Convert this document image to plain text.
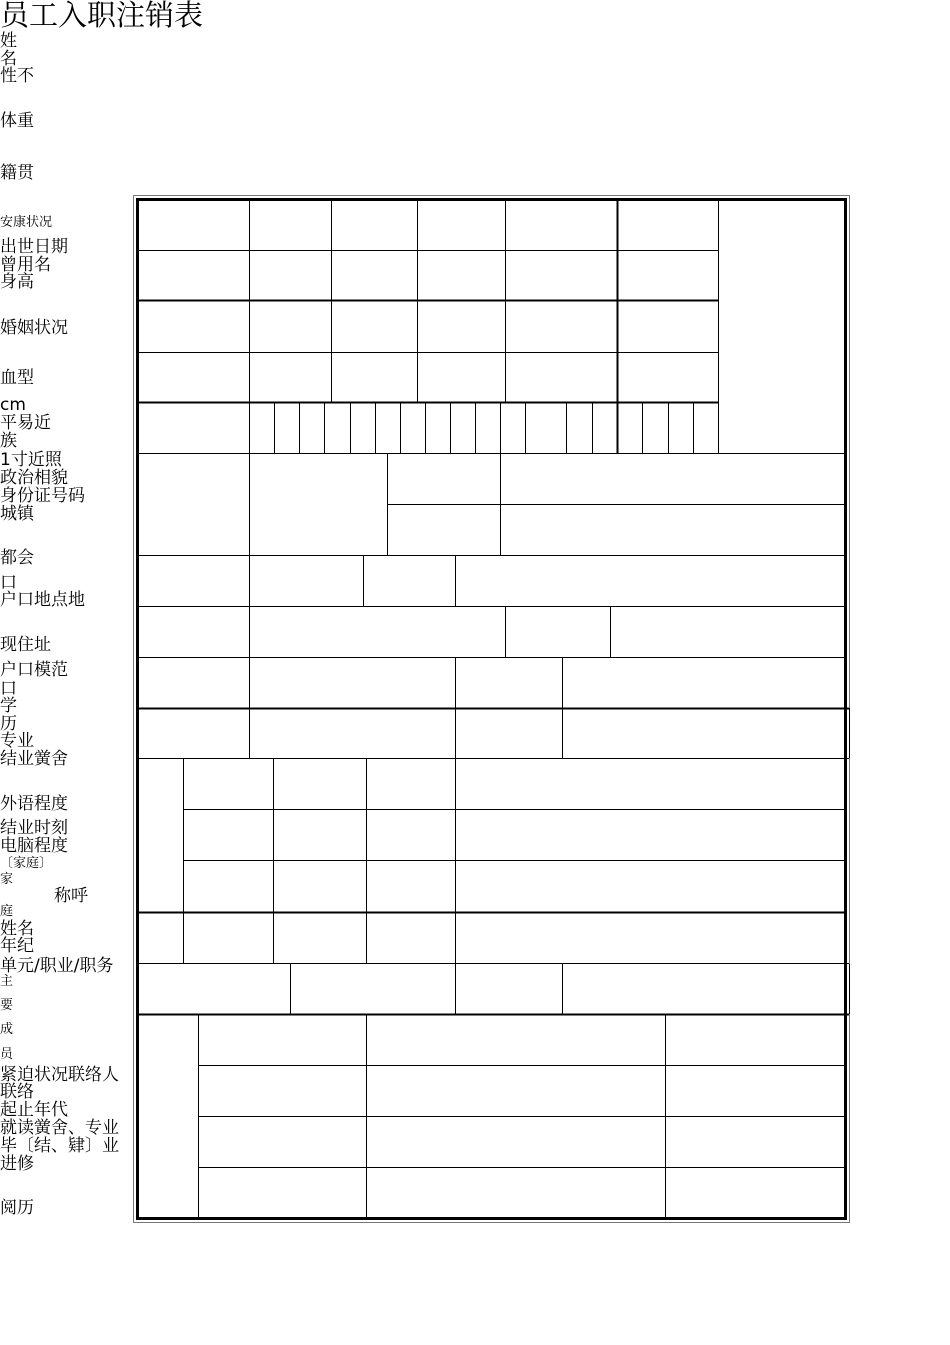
员工入职注销表
姓
名
性不
体重
籍贯
安康状况
出世日期
曾用名
身高
婚姻状况
血型
cm
平易近
族
1寸近照
政治相貌
身份证号码
城镇
都会
口
户口地点地
现住址
户口模范
口
学
历
专业
结业黉舍
外语程度
结业时刻
电脑程度
〔家庭〕
家
称呼
庭
姓名
年纪
单元/职业/职务
主
要
成
员
紧迫状况联络人
联络
起止年代
就读黉舍、专业
毕〔结、肄〕业
进修
阅历
